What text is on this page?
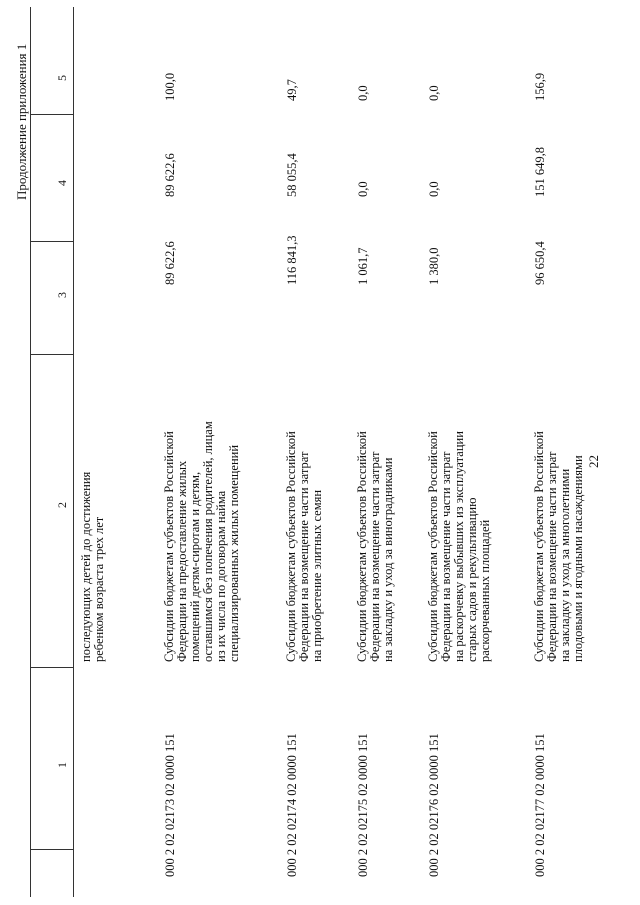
22
Продолжение приложения 1
1
2
3
4
5
последующих детей до достижения ребенком возраста трех лет
000 2 02 02173 02 0000 151
Субсидии бюджетам субъектов Российской Федерации на предоставление жилых помещений детям-сиротам и детям, оставшимся без попечения родителей, лицам из их числа по договорам найма специализированных жилых помещений
89 622,6
89 622,6
100,0
000 2 02 02174 02 0000 151
Субсидии бюджетам субъектов Российской Федерации на возмещение части затрат на приобретение элитных семян
116 841,3
58 055,4
49,7
000 2 02 02175 02 0000 151
Субсидии бюджетам субъектов Российской Федерации на возмещение части затрат на закладку и уход за виноградниками
1 061,7
0,0
0,0
000 2 02 02176 02 0000 151
Субсидии бюджетам субъектов Российской Федерации на возмещение части затрат на раскорчевку выбывших из эксплуатации старых садов и рекультивацию раскорчеванных площадей
1 380,0
0,0
0,0
000 2 02 02177 02 0000 151
Субсидии бюджетам субъектов Российской Федерации на возмещение части затрат на закладку и уход за многолетними плодовыми и ягодными насаждениями
96 650,4
151 649,8
156,9
